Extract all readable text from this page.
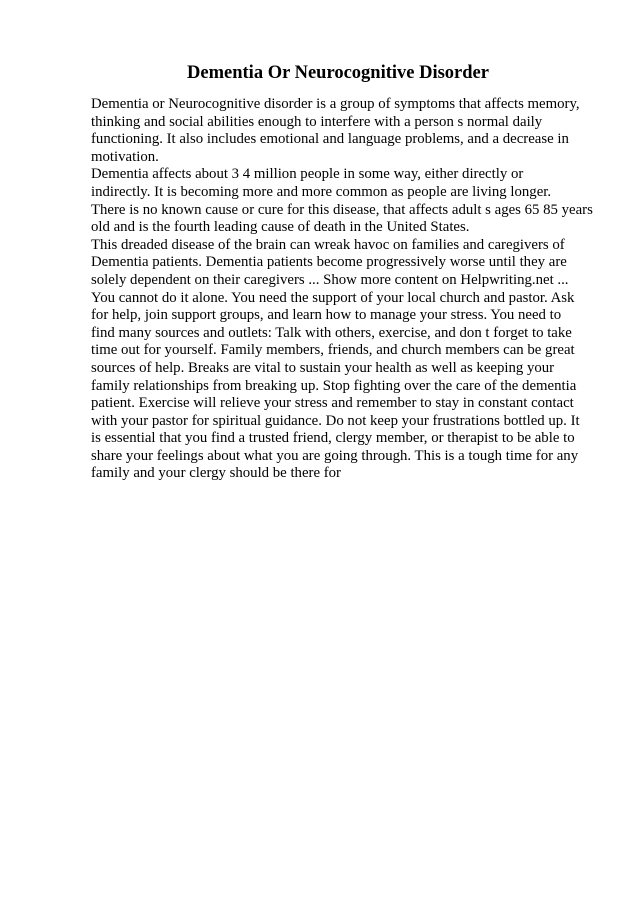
Dementia Or Neurocognitive Disorder
Dementia or Neurocognitive disorder is a group of symptoms that affects memory,
thinking and social abilities enough to interfere with a person s normal daily
functioning. It also includes emotional and language problems, and a decrease in
motivation.
Dementia affects about 3 4 million people in some way, either directly or
indirectly. It is becoming more and more common as people are living longer.
There is no known cause or cure for this disease, that affects adult s ages 65 85 years
old and is the fourth leading cause of death in the United States.
This dreaded disease of the brain can wreak havoc on families and caregivers of
Dementia patients. Dementia patients become progressively worse until they are
solely dependent on their caregivers ... Show more content on Helpwriting.net ...
You cannot do it alone. You need the support of your local church and pastor. Ask
for help, join support groups, and learn how to manage your stress. You need to
find many sources and outlets: Talk with others, exercise, and don t forget to take
time out for yourself. Family members, friends, and church members can be great
sources of help. Breaks are vital to sustain your health as well as keeping your
family relationships from breaking up. Stop fighting over the care of the dementia
patient. Exercise will relieve your stress and remember to stay in constant contact
with your pastor for spiritual guidance. Do not keep your frustrations bottled up. It
is essential that you find a trusted friend, clergy member, or therapist to be able to
share your feelings about what you are going through. This is a tough time for any
family and your clergy should be there for
